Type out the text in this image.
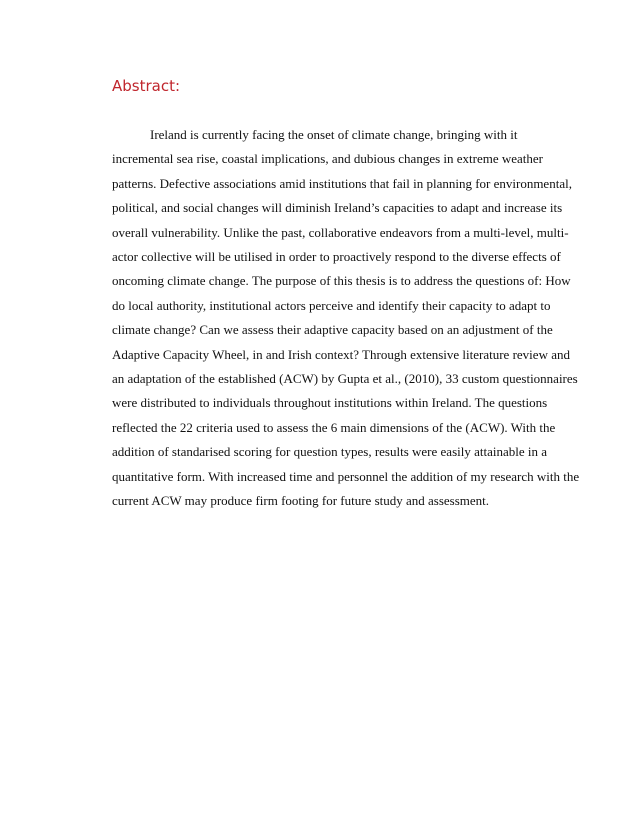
Abstract:

Ireland is currently facing the onset of climate change, bringing with it
incremental sea rise, coastal implications, and dubious changes in extreme weather
patterns. Defective associations amid institutions that fail in planning for environmental,
political, and social changes will diminish Ireland’s capacities to adapt and increase its
overall vulnerability. Unlike the past, collaborative endeavors from a multi-level, multi-
actor collective will be utilised in order to proactively respond to the diverse effects of
oncoming climate change. The purpose of this thesis is to address the questions of: How
do local authority, institutional actors perceive and identify their capacity to adapt to
climate change? Can we assess their adaptive capacity based on an adjustment of the
Adaptive Capacity Wheel, in and Irish context? Through extensive literature review and
an adaptation of the established (ACW) by Gupta et al., (2010), 33 custom questionnaires
were distributed to individuals throughout institutions within Ireland. The questions
reflected the 22 criteria used to assess the 6 main dimensions of the (ACW). With the
addition of standarised scoring for question types, results were easily attainable in a
quantitative form. With increased time and personnel the addition of my research with the
current ACW may produce firm footing for future study and assessment.
